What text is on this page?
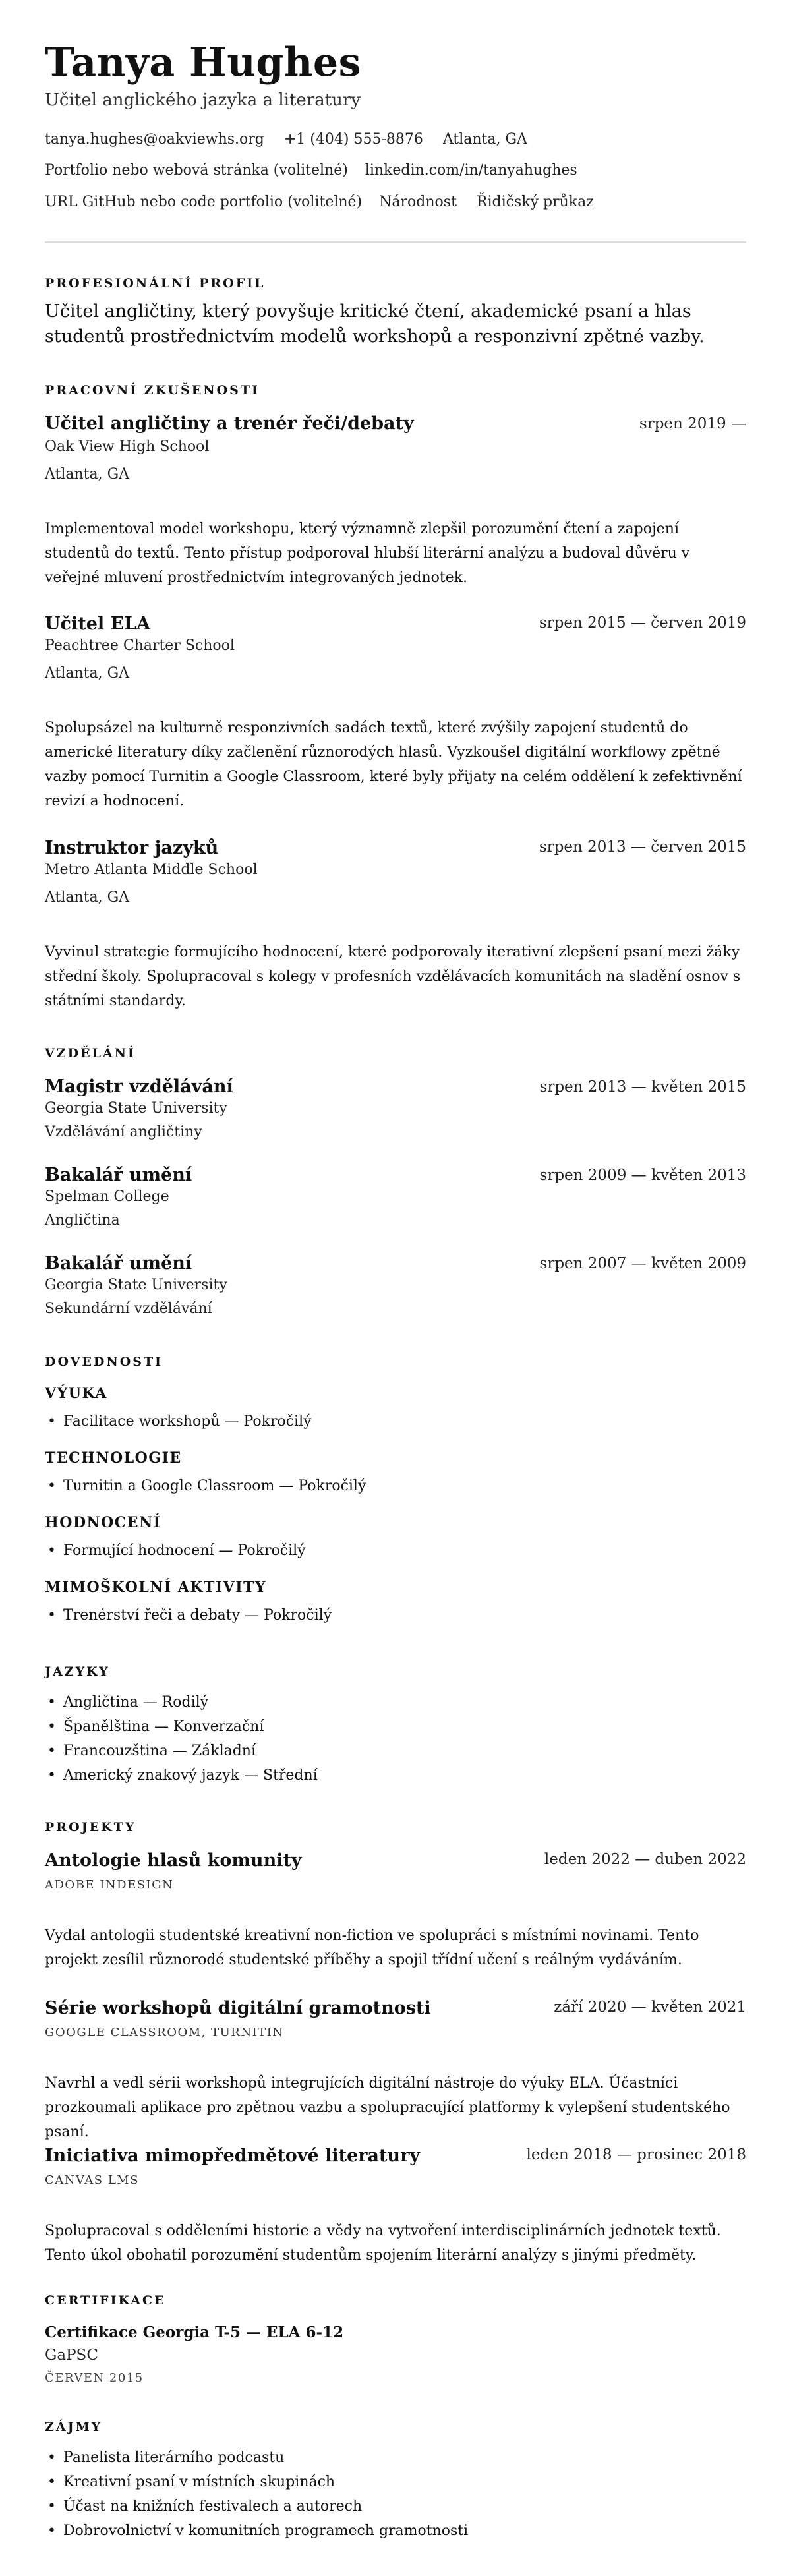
Tanya Hughes
Učitel anglického jazyka a literatury
tanya.hughes@oakviewhs.org +1 (404) 555-8876 Atlanta, GA
Portfolio nebo webová stránka (volitelné) linkedin.com/in/tanyahughes
URL GitHub nebo code portfolio (volitelné) Národnost Řidičský průkaz
PROFESIONÁLNÍ PROFIL
Učitel angličtiny, který povyšuje kritické čtení, akademické psaní a hlas studentů prostřednictvím modelů workshopů a responzivní zpětné vazby.
PRACOVNÍ ZKUŠENOSTI
Učitel angličtiny a trenér řeči/debaty	srpen 2019 —
Oak View High School
Atlanta, GA
Implementoval model workshopu, který významně zlepšil porozumění čtení a zapojení studentů do textů. Tento přístup podporoval hlubší literární analýzu a budoval důvěru v veřejné mluvení prostřednictvím integrovaných jednotek.
Učitel ELA	srpen 2015 — červen 2019
Peachtree Charter School
Atlanta, GA
Spolupsázel na kulturně responzivních sadách textů, které zvýšily zapojení studentů do americké literatury díky začlenění různorodých hlasů. Vyzkoušel digitální workflowy zpětné vazby pomocí Turnitin a Google Classroom, které byly přijaty na celém oddělení k zefektivnění revizí a hodnocení.
Instruktor jazyků	srpen 2013 — červen 2015
Metro Atlanta Middle School
Atlanta, GA
Vyvinul strategie formujícího hodnocení, které podporovaly iterativní zlepšení psaní mezi žáky střední školy. Spolupracoval s kolegy v profesních vzdělávacích komunitách na sladění osnov s státními standardy.
VZDĚLÁNÍ
Magistr vzdělávání	srpen 2013 — květen 2015
Georgia State University
Vzdělávání angličtiny
Bakalář umění	srpen 2009 — květen 2013
Spelman College
Angličtina
Bakalář umění	srpen 2007 — květen 2009
Georgia State University
Sekundární vzdělávání
DOVEDNOSTI
VÝUKA
• Facilitace workshopů — Pokročilý
TECHNOLOGIE
• Turnitin a Google Classroom — Pokročilý
HODNOCENÍ
• Formující hodnocení — Pokročilý
MIMOŠKOLNÍ AKTIVITY
• Trenérství řeči a debaty — Pokročilý
JAZYKY
• Angličtina — Rodilý
• Španělština — Konverzační
• Francouzština — Základní
• Americký znakový jazyk — Střední
PROJEKTY
Antologie hlasů komunity	leden 2022 — duben 2022
ADOBE INDESIGN
Vydal antologii studentské kreativní non-fiction ve spolupráci s místními novinami. Tento projekt zesílil různorodé studentské příběhy a spojil třídní učení s reálným vydáváním.
Série workshopů digitální gramotnosti	září 2020 — květen 2021
GOOGLE CLASSROOM, TURNITIN
Navrhl a vedl sérii workshopů integrujících digitální nástroje do výuky ELA. Účastníci prozkoumali aplikace pro zpětnou vazbu a spolupracující platformy k vylepšení studentského psaní.
Iniciativa mimopředmětové literatury	leden 2018 — prosinec 2018
CANVAS LMS
Spolupracoval s odděleními historie a vědy na vytvoření interdisciplinárních jednotek textů. Tento úkol obohatil porozumění studentům spojením literární analýzy s jinými předměty.
CERTIFIKACE
Certifikace Georgia T-5 — ELA 6-12
GaPSC
ČERVEN 2015
ZÁJMY
• Panelista literárního podcastu
• Kreativní psaní v místních skupinách
• Účast na knižních festivalech a autorech
• Dobrovolnictví v komunitních programech gramotnosti
